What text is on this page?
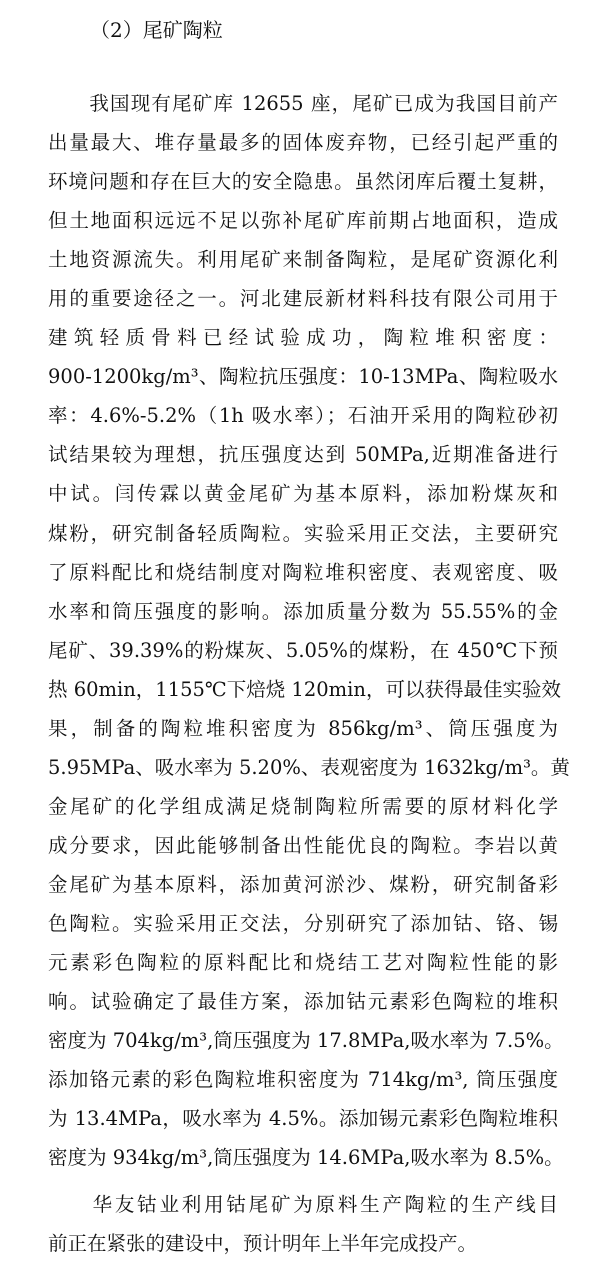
（2）尾矿陶粒
　　我国现有尾矿库 12655 座，尾矿已成为我国目前产
出量最大、堆存量最多的固体废弃物，已经引起严重的
环境问题和存在巨大的安全隐患。虽然闭库后覆土复耕，
但土地面积远远不足以弥补尾矿库前期占地面积，造成
土地资源流失。利用尾矿来制备陶粒，是尾矿资源化利
用的重要途径之一。河北建辰新材料科技有限公司用于
建筑轻质骨料已经试验成功，陶粒堆积密度：
900-1200kg/m³、陶粒抗压强度：10-13MPa、陶粒吸水
率：4.6%-5.2%（1h 吸水率）；石油开采用的陶粒砂初
试结果较为理想，抗压强度达到 50MPa,近期准备进行
中试。闫传霖以黄金尾矿为基本原料，添加粉煤灰和
煤粉，研究制备轻质陶粒。实验采用正交法，主要研究
了原料配比和烧结制度对陶粒堆积密度、表观密度、吸
水率和筒压强度的影响。添加质量分数为 55.55%的金
尾矿、39.39%的粉煤灰、5.05%的煤粉，在 450℃下预
热 60min，1155℃下焙烧 120min，可以获得最佳实验效
果，制备的陶粒堆积密度为 856kg/m³、筒压强度为
5.95MPa、吸水率为 5.20%、表观密度为 1632kg/m³。黄
金尾矿的化学组成满足烧制陶粒所需要的原材料化学
成分要求，因此能够制备出性能优良的陶粒。李岩以黄
金尾矿为基本原料，添加黄河淤沙、煤粉，研究制备彩
色陶粒。实验采用正交法，分别研究了添加钴、铬、锡
元素彩色陶粒的原料配比和烧结工艺对陶粒性能的影
响。试验确定了最佳方案，添加钴元素彩色陶粒的堆积
密度为 704kg/m³,筒压强度为 17.8MPa,吸水率为 7.5%。
添加铬元素的彩色陶粒堆积密度为 714kg/m³, 筒压强度
为 13.4MPa，吸水率为 4.5%。添加锡元素彩色陶粒堆积
密度为 934kg/m³,筒压强度为 14.6MPa,吸水率为 8.5%。
　　华友钴业利用钴尾矿为原料生产陶粒的生产线目
前正在紧张的建设中，预计明年上半年完成投产。
